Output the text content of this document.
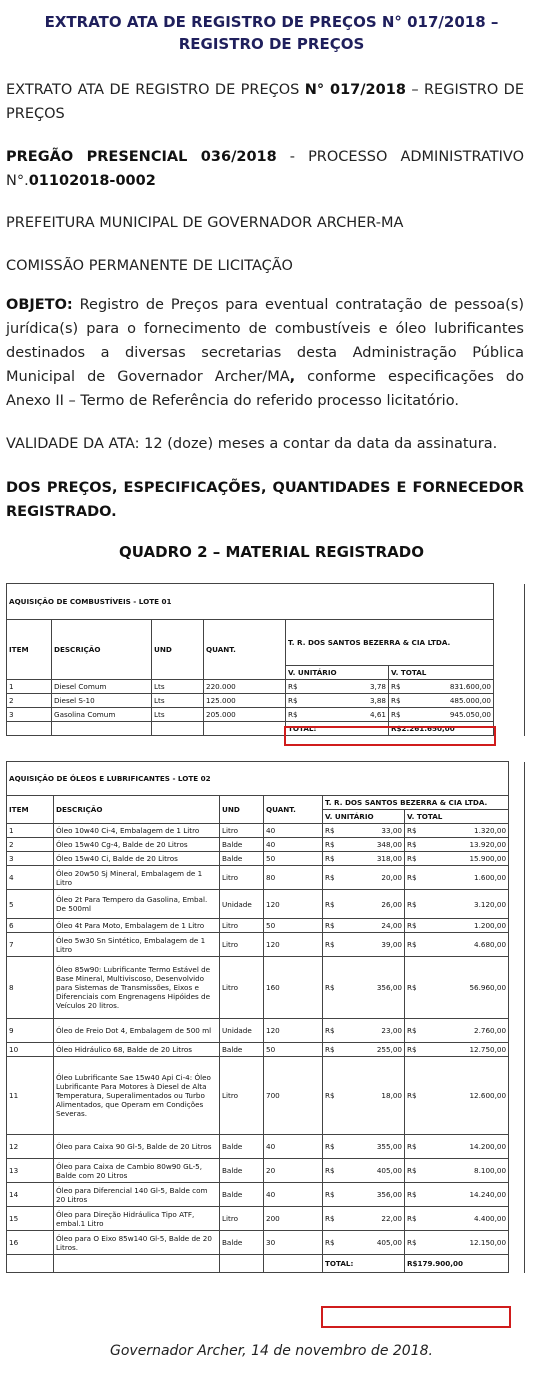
EXTRATO ATA DE REGISTRO DE PREÇOS N° 017/2018 –
REGISTRO DE PREÇOS
EXTRATO ATA DE REGISTRO DE PREÇOS N° 017/2018 – REGISTRO DE PREÇOS
PREGÃO PRESENCIAL 036/2018 - PROCESSO ADMINISTRATIVO N°.01102018-0002
PREFEITURA MUNICIPAL DE GOVERNADOR ARCHER-MA
COMISSÃO PERMANENTE DE LICITAÇÃO
OBJETO: Registro de Preços para eventual contratação de pessoa(s) jurídica(s) para o fornecimento de combustíveis e óleo lubrificantes destinados a diversas secretarias desta Administração Pública Municipal de Governador Archer/MA, conforme especificações do Anexo II – Termo de Referência do referido processo licitatório.
VALIDADE DA ATA: 12 (doze) meses a contar da data da assinatura.
DOS PREÇOS, ESPECIFICAÇÕES, QUANTIDADES E FORNECEDOR REGISTRADO.
QUADRO 2 – MATERIAL REGISTRADO
AQUISIÇÃO DE COMBUSTÍVEIS - LOTE 01						
ITEM	DESCRIÇÃO	UND	QUANT.	T. R. DOS SANTOS BEZERRA & CIA LTDA.		
				V. UNITÁRIO	V. TOTAL	
1	Diesel Comum	Lts	220.000	R$ 3,78	R$ 831.600,00	

2	Diesel S-10	Lts	125.000	R$ 3,88	R$ 485.000,00	

3	Gasolina Comum	Lts	205.000	R$ 4,61	R$ 945.050,00	

				TOTAL:	R$2.261.650,00	
AQUISIÇÃO DE ÓLEOS E LUBRIFICANTES - LOTE 02						
ITEM	DESCRIÇÃO	UND	QUANT.	T. R. DOS SANTOS BEZERRA & CIA LTDA.		
				V. UNITÁRIO	V. TOTAL	
1	Óleo 10w40 Ci-4, Embalagem de 1 Litro	Litro	40	R$ 33,00	R$ 1.320,00	

2	Óleo 15w40 Cg-4, Balde de 20 Litros	Balde	40	R$ 348,00	R$ 13.920,00	

3	Óleo 15w40 Ci, Balde de 20 Litros	Balde	50	R$ 318,00	R$ 15.900,00	

4	Óleo 20w50 Sj Mineral, Embalagem de 1 Litro	Litro	80	R$ 20,00	R$ 1.600,00	

5	Óleo 2t Para Tempero da Gasolina, Embal. De 500ml	Unidade	120	R$ 26,00	R$ 3.120,00	

6	Óleo 4t Para Moto, Embalagem de 1 Litro	Litro	50	R$ 24,00	R$ 1.200,00	

7	Óleo 5w30 Sn Sintético, Embalagem de 1 Litro	Litro	120	R$ 39,00	R$ 4.680,00	

8	Óleo 85w90: Lubrificante Termo Estável de Base Mineral, Multiviscoso, Desenvolvido para Sistemas de Transmissões, Eixos e Diferenciais com Engrenagens Hipóides de Veículos 20 litros.	Litro	160	R$ 356,00	R$ 56.960,00	

9	Óleo de Freio Dot 4, Embalagem de 500 ml	Unidade	120	R$ 23,00	R$ 2.760,00	

10	Óleo Hidráulico 68, Balde de 20 Litros	Balde	50	R$ 255,00	R$ 12.750,00	

11	Óleo Lubrificante Sae 15w40 Api Ci-4: Óleo Lubrificante Para Motores à Diesel de Alta Temperatura, Superalimentados ou Turbo Alimentados, que Operam em Condições Severas.	Litro	700	R$ 18,00	R$ 12.600,00	

12	Óleo para Caixa 90 Gl-5, Balde de 20 Litros	Balde	40	R$ 355,00	R$ 14.200,00	

13	Óleo para Caixa de Cambio 80w90 GL-5, Balde com 20 Litros	Balde	20	R$ 405,00	R$ 8.100,00	

14	Óleo para Diferencial 140 Gl-5, Balde com 20 Litros	Balde	40	R$ 356,00	R$ 14.240,00	

15	Óleo para Direção Hidráulica Tipo ATF, embal.1 Litro	Litro	200	R$ 22,00	R$ 4.400,00	

16	Óleo para O Eixo 85w140 Gl-5, Balde de 20 Litros.	Balde	30	R$ 405,00	R$ 12.150,00	

				TOTAL:	R$179.900,00	
Governador Archer, 14 de novembro de 2018.
